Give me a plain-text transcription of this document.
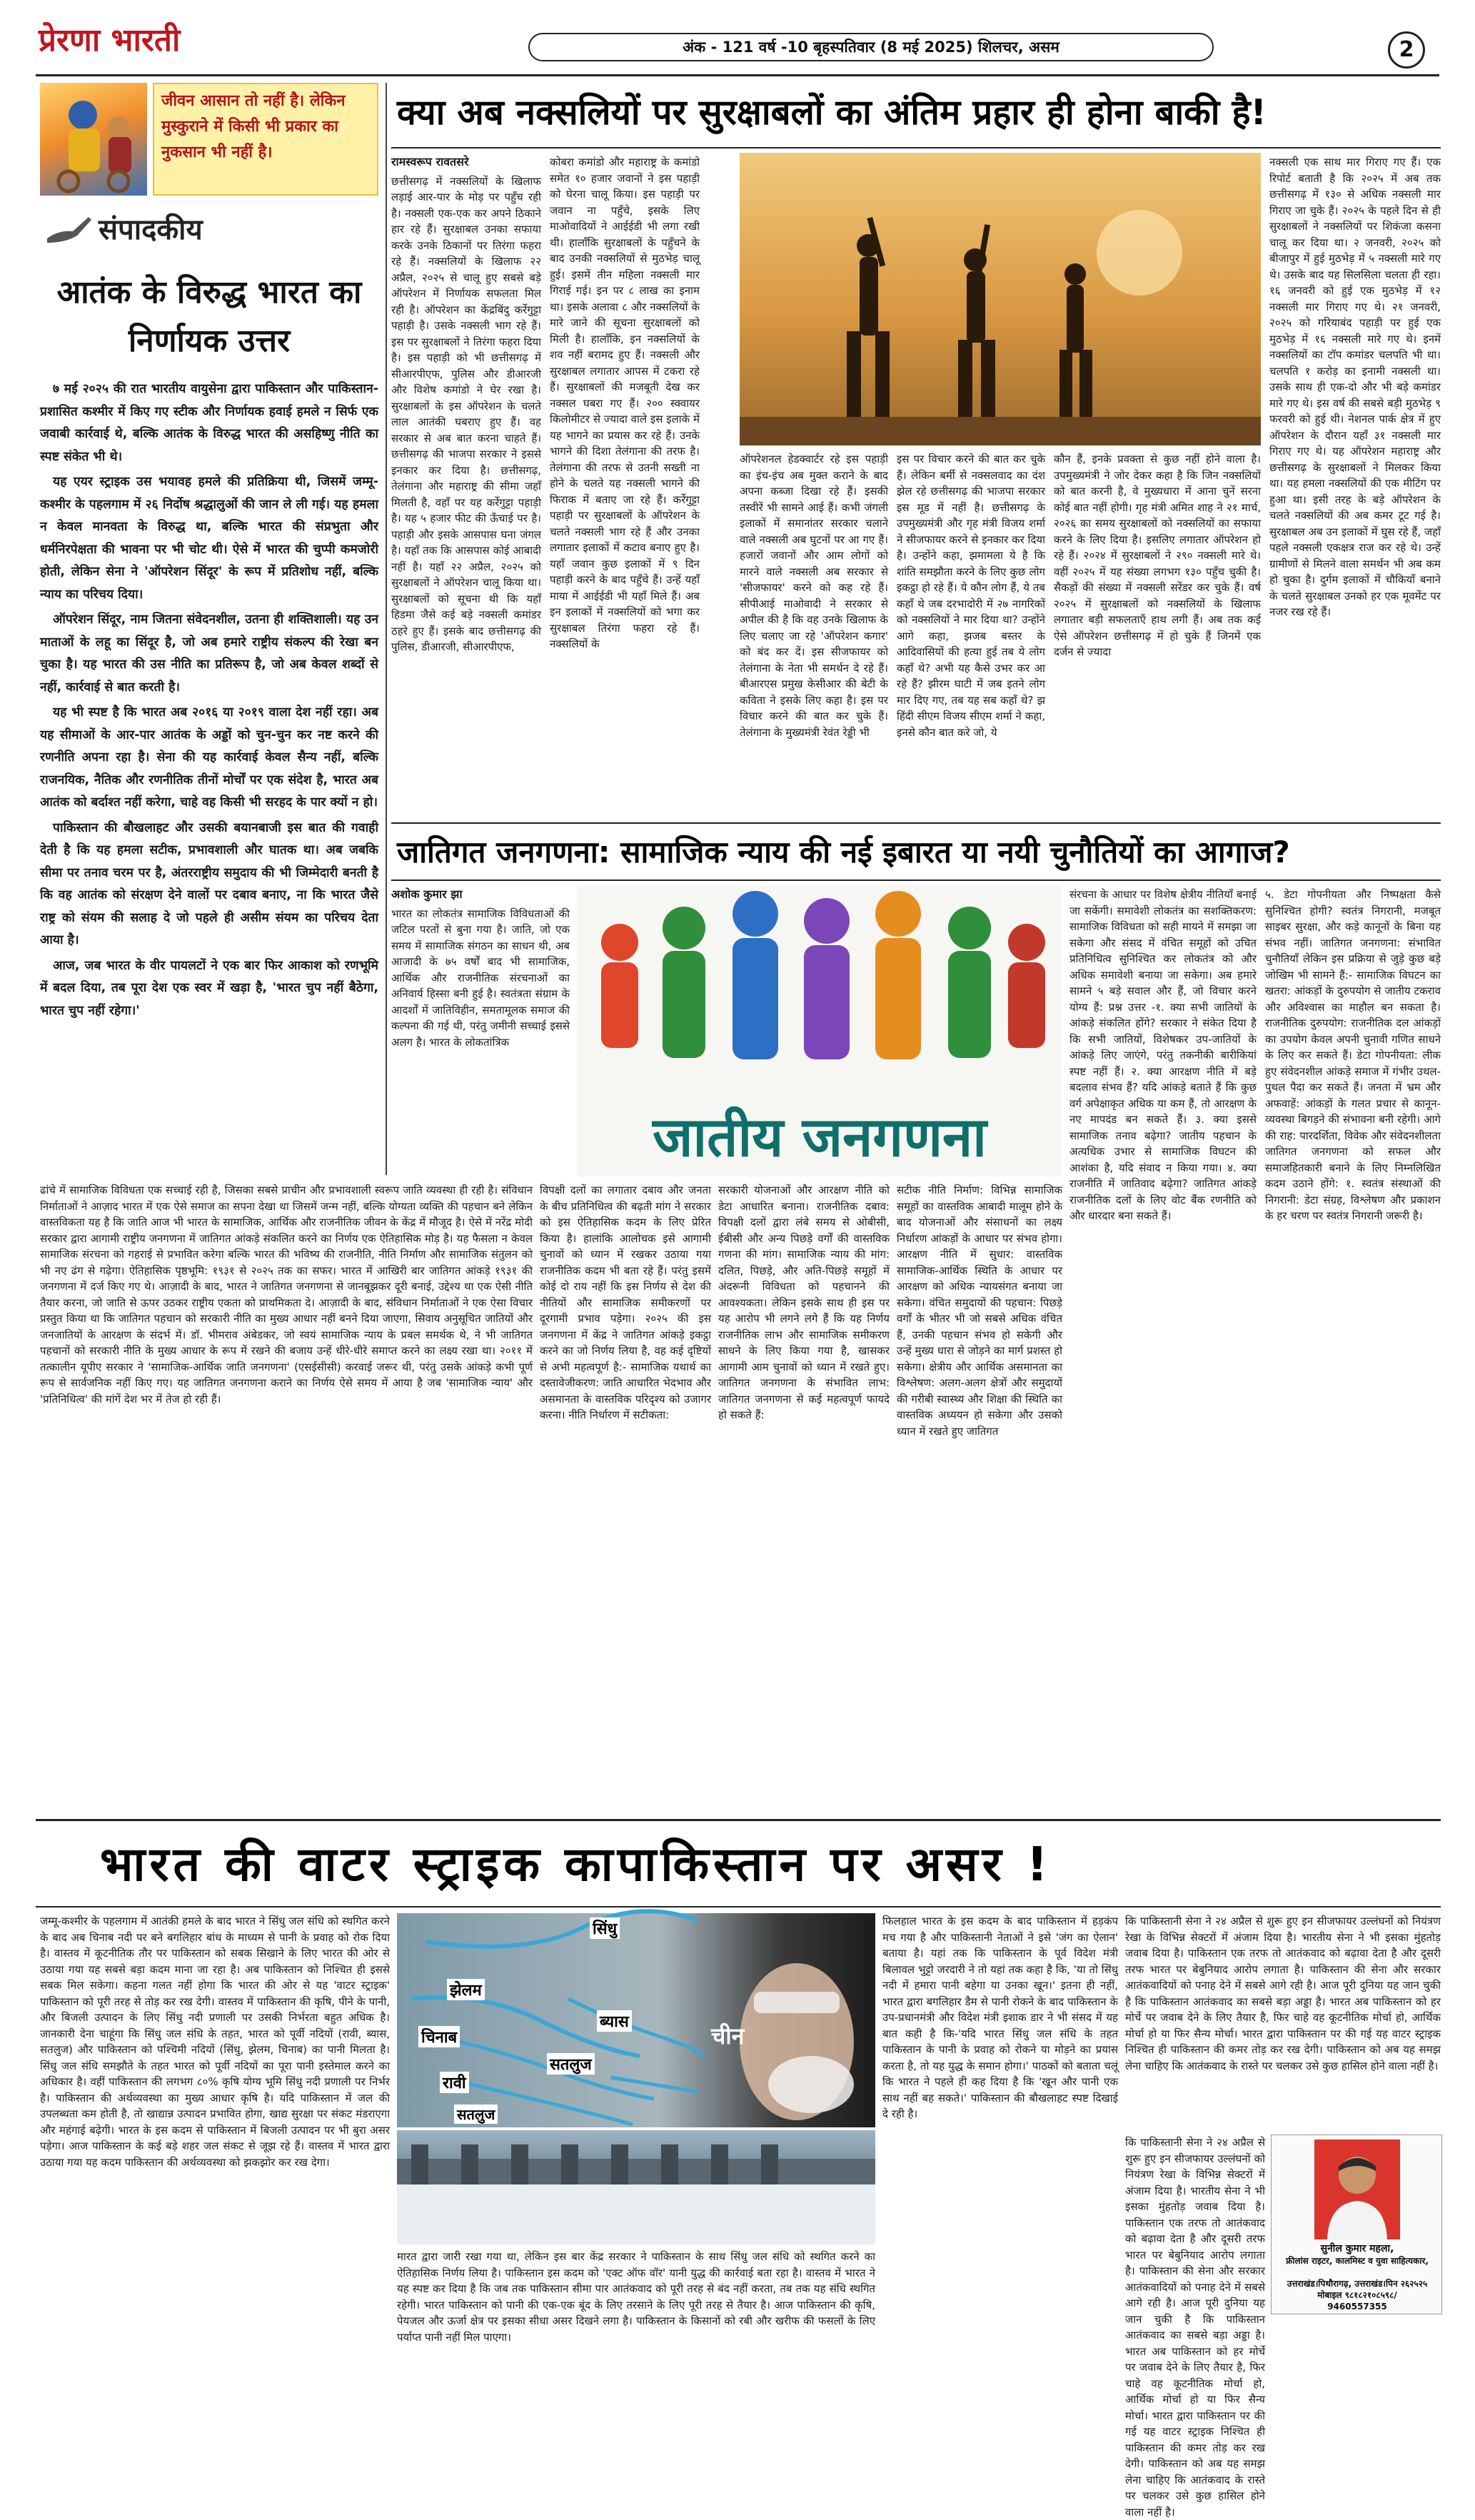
प्रेरणा भारती	अंक - 121 वर्ष -10 बृहस्पतिवार (8 मई 2025) शिलचर, असम	2
जीवन आसान तो नहीं है। लेकिन मुस्कुराने में किसी भी प्रकार का नुकसान भी नहीं है।
संपादकीय
आतंक के विरुद्ध भारत का निर्णायक उत्तर

७ मई २०२५ की रात भारतीय वायुसेना द्वारा पाकिस्तान और पाकिस्तान-प्रशासित कश्मीर में किए गए स्टीक और निर्णायक हवाई हमले न सिर्फ एक जवाबी कार्रवाई थे, बल्कि आतंक के विरुद्ध भारत की असहिष्णु नीति का स्पष्ट संकेत भी थे।

यह एयर स्ट्राइक उस भयावह हमले की प्रतिक्रिया थी, जिसमें जम्मू-कश्मीर के पहलगाम में २६ निर्दोष श्रद्धालुओं की जान ले ली गई। यह हमला न केवल मानवता के विरुद्ध था, बल्कि भारत की संप्रभुता और धर्मनिरपेक्षता की भावना पर भी चोट थी। ऐसे में भारत की चुप्पी कमजोरी होती, लेकिन सेना ने 'ऑपरेशन सिंदूर' के रूप में प्रतिशोध नहीं, बल्कि न्याय का परिचय दिया।

ऑपरेशन सिंदूर, नाम जितना संवेदनशील, उतना ही शक्तिशाली। यह उन माताओं के लहू का सिंदूर है, जो अब हमारे राष्ट्रीय संकल्प की रेखा बन चुका है। यह भारत की उस नीति का प्रतिरूप है, जो अब केवल शब्दों से नहीं, कार्रवाई से बात करती है।

यह भी स्पष्ट है कि भारत अब २०१६ या २०१९ वाला देश नहीं रहा। अब यह सीमाओं के आर-पार आतंक के अड्डों को चुन-चुन कर नष्ट करने की रणनीति अपना रहा है। सेना की यह कार्रवाई केवल सैन्य नहीं, बल्कि राजनयिक, नैतिक और रणनीतिक तीनों मोर्चों पर एक संदेश है, भारत अब आतंक को बर्दाश्त नहीं करेगा, चाहे वह किसी भी सरहद के पार क्यों न हो।

पाकिस्तान की बौखलाहट और उसकी बयानबाजी इस बात की गवाही देती है कि यह हमला सटीक, प्रभावशाली और घातक था। अब जबकि सीमा पर तनाव चरम पर है, अंतरराष्ट्रीय समुदाय की भी जिम्मेदारी बनती है कि वह आतंक को संरक्षण देने वालों पर दबाव बनाए, ना कि भारत जैसे राष्ट्र को संयम की सलाह दे जो पहले ही असीम संयम का परिचय देता आया है।

आज, जब भारत के वीर पायलटों ने एक बार फिर आकाश को रणभूमि में बदल दिया, तब पूरा देश एक स्वर में खड़ा है, 'भारत चुप नहीं बैठेगा, भारत चुप नहीं रहेगा।'

क्या अब नक्सलियों पर सुरक्षाबलों का अंतिम प्रहार ही होना बाकी है!
रामस्वरूप रावतसरे
छत्तीसगढ़ में नक्सलियों के खिलाफ लड़ाई आर-पार के मोड़ पर पहुँच रही है। नक्सली एक-एक कर अपने ठिकाने हार रहे हैं। सुरक्षाबल उनका सफाया करके उनके ठिकानों पर तिरंगा फहरा रहे हैं। नक्सलियों के खिलाफ २२ अप्रैल, २०२५ से चालू हुए सबसे बड़े ऑपरेशन में निर्णायक सफलता मिल रही है। ऑपरेशन का केंद्रबिंदु कर्रेगुट्टा पहाड़ी है। उसके नक्सली भाग रहे हैं। इस पर सुरक्षाबलों ने तिरंगा फहरा दिया है। इस पहाड़ी को भी छत्तीसगढ़ में सीआरपीएफ, पुलिस और डीआरजी और विशेष कमांडो ने घेर रखा है। सुरक्षाबलों के इस ऑपरेशन के चलते लाल आतंकी घबराए हुए हैं। वह सरकार से अब बात करना चाहते हैं। छत्तीसगढ़ की भाजपा सरकार ने इससे इनकार कर दिया है। छत्तीसगढ़, तेलंगाना और महाराष्ट्र की सीमा जहाँ मिलती है, वहाँ पर यह कर्रेगुट्टा पहाड़ी है। यह ५ हजार फीट की ऊँचाई पर है। पहाड़ी और इसके आसपास घना जंगल है। यहाँ तक कि आसपास कोई आबादी नहीं है। यहाँ २२ अप्रैल, २०२५ को सुरक्षाबलों ने ऑपरेशन चालू किया था। सुरक्षाबलों को सूचना थी कि यहाँ हिडमा जैसे कई बड़े नक्सली कमांडर ठहरे हुए हैं। इसके बाद छत्तीसगढ़ की पुलिस, डीआरजी, सीआरपीएफ,
कोबरा कमांडो और महाराष्ट्र के कमांडो समेत १० हजार जवानों ने इस पहाड़ी को घेरना चालू किया। इस पहाड़ी पर जवान ना पहुँचे, इसके लिए माओवादियों ने आईईडी भी लगा रखी थी। हालाँकि सुरक्षाबलों के पहुँचने के बाद उनकी नक्सलियों से मुठभेड़ चालू हुई। इसमें तीन महिला नक्सली मार गिराई गई। इन पर ८ लाख का इनाम था। इसके अलावा ८ और नक्सलियों के मारे जाने की सूचना सुरक्षाबलों को मिली है। हालाँकि, इन नक्सलियों के शव नहीं बरामद हुए हैं। नक्सली और सुरक्षाबल लगातार आपस में टकरा रहे हैं। सुरक्षाबलों की मजबूती देख कर नक्सल घबरा गए हैं। २०० स्क्वायर किलोमीटर से ज्यादा वाले इस इलाके में यह भागने का प्रयास कर रहे हैं। उनके भागने की दिशा तेलंगाना की तरफ है। तेलंगाना की तरफ से उतनी सख्ती ना होने के चलते यह नक्सली भागने की फिराक में बताए जा रहे हैं। कर्रेगुट्टा पहाड़ी पर सुरक्षाबलों के ऑपरेशन के चलते नक्सली भाग रहे हैं और उनका लगातार इलाकों में कटाव बनाए हुए है। यहाँ जवान कुछ इलाकों में ९ दिन पहाड़ी करने के बाद पहुँचे हैं। उन्हें यहाँ माया में आईईडी भी यहाँ मिले हैं। अब इन इलाकों में नक्सलियों को भगा कर सुरक्षाबल तिरंगा फहरा रहे हैं। नक्सलियों के
ऑपरेशनल हेडक्वार्टर रहे इस पहाड़ी का इंच-इंच अब मुक्त कराने के बाद अपना कब्जा दिखा रहे हैं। इसकी तस्वीरें भी सामने आई हैं। कभी जंगली इलाकों में समानांतर सरकार चलाने वाले नक्सली अब घुटनों पर आ गए हैं। हजारों जवानों और आम लोगों को मारने वाले नक्सली अब सरकार से 'सीजफायर' करने को कह रहे हैं। सीपीआई माओवादी ने सरकार से अपील की है कि वह उनके खिलाफ के लिए चलाए जा रहे 'ऑपरेशन कगार' को बंद कर दें। इस सीजफायर को तेलंगाना के नेता भी समर्थन दे रहे हैं। बीआरएस प्रमुख केसीआर की बेटी के कविता ने इसके लिए कहा है। इस पर विचार करने की बात कर चुके हैं। तेलंगाना के मुख्यमंत्री रेवंत रेड्डी भी
इस पर विचार करने की बात कर चुके हैं। लेकिन बर्मी से नक्सलवाद का दंश झेल रहे छत्तीसगढ़ की भाजपा सरकार इस मूड में नहीं है। छत्तीसगढ़ के उपमुख्यमंत्री और गृह मंत्री विजय शर्मा ने सीजफायर करने से इनकार कर दिया है। उन्होंने कहा, झमामला ये है कि शांति समझौता करने के लिए कुछ लोग इकट्ठा हो रहे हैं। ये कौन लोग हैं, ये तब कहाँ थे जब दरभादोरी में २७ नागरिकों को नक्सलियों ने मार दिया था? उन्होंने आगे कहा, झजब बस्तर के आदिवासियों की हत्या हुई तब ये लोग कहाँ थे? अभी यह कैसे उभर कर आ रहे हैं? झीरम घाटी में जब इतने लोग मार दिए गए, तब यह सब कहाँ थे? झ हिंदी सीएम विजय सीएम शर्मा ने कहा, इनसे कौन बात करे जो, ये
कौन हैं, इनके प्रवक्ता से कुछ नहीं होने वाला है। उपमुख्यमंत्री ने जोर देकर कहा है कि जिन नक्सलियों को बात करनी है, वे मुख्यधारा में आना चुनें सरना कोई बात नहीं होगी। गृह मंत्री अमित शाह ने २१ मार्च, २०२६ का समय सुरक्षाबलों को नक्सलियों का सफाया करने के लिए दिया है। इसलिए लगातार ऑपरेशन हो रहे हैं। २०२४ में सुरक्षाबलों ने २९० नक्सली मारे थे। वहीं २०२५ में यह संख्या लगभग १३० पहुँच चुकी है। सैकड़ों की संख्या में नक्सली सरेंडर कर चुके हैं। वर्ष २०२५ में सुरक्षाबलों को नक्सलियों के खिलाफ लगातार बड़ी सफलताएँ हाथ लगी हैं। अब तक कई ऐसे ऑपरेशन छत्तीसगढ़ में हो चुके हैं जिनमें एक दर्जन से ज्यादा
नक्सली एक साथ मार गिराए गए हैं। एक रिपोर्ट बताती है कि २०२५ में अब तक छत्तीसगढ़ में १३० से अधिक नक्सली मार गिराए जा चुके हैं। २०२५ के पहले दिन से ही सुरक्षाबलों ने नक्सलियों पर शिकंजा कसना चालू कर दिया था। २ जनवरी, २०२५ को बीजापुर में हुई मुठभेड़ में ५ नक्सली मारे गए थे। उसके बाद यह सिलसिला चलता ही रहा। १६ जनवरी को हुई एक मुठभेड़ में १२ नक्सली मार गिराए गए थे। २१ जनवरी, २०२५ को गरियाबंद पहाड़ी पर हुई एक मुठभेड़ में १६ नक्सली मारे गए थे। इनमें नक्सलियों का टॉप कमांडर चलपति भी था। चलपति १ करोड़ का इनामी नक्सली था। उसके साथ ही एक-दो और भी बड़े कमांडर मारे गए थे। इस वर्ष की सबसे बड़ी मुठभेड़ ९ फरवरी को हुई थी। नेशनल पार्क क्षेत्र में हुए ऑपरेशन के दौरान यहाँ ३१ नक्सली मार गिराए गए थे। यह ऑपरेशन महाराष्ट्र और छत्तीसगढ़ के सुरक्षाबलों ने मिलकर किया था। यह हमला नक्सलियों की एक मीटिंग पर हुआ था। इसी तरह के बड़े ऑपरेशन के चलते नक्सलियों की अब कमर टूट गई है। सुरक्षाबल अब उन इलाकों में घुस रहे हैं, जहाँ पहले नक्सली एकक्षत्र राज कर रहे थे। उन्हें ग्रामीणों से मिलने वाला समर्थन भी अब कम हो चुका है। दुर्गम इलाकों में चौकियाँ बनाने के चलते सुरक्षाबल उनको हर एक मूवमेंट पर नजर रख रहे हैं।
जातिगत जनगणना: सामाजिक न्याय की नई इबारत या नयी चुनौतियों का आगाज?
अशोक कुमार झा
भारत का लोकतंत्र सामाजिक विविधताओं की जटिल परतों से बुना गया है। जाति, जो एक समय में सामाजिक संगठन का साधन थी, अब आजादी के ७५ वर्षों बाद भी सामाजिक, आर्थिक और राजनीतिक संरचनाओं का अनिवार्य हिस्सा बनी हुई है। स्वतंत्रता संग्राम के आदर्शों में जातिविहीन, समतामूलक समाज की कल्पना की गई थी, परंतु जमीनी सच्चाई इससे अलग है। भारत के लोकतांत्रिक
जातीय जनगणना
संरचना के आधार पर विशेष क्षेत्रीय नीतियाँ बनाई जा सकेंगी। समावेशी लोकतंत्र का सशक्तिकरण: सामाजिक विविधता को सही मायने में समझा जा सकेगा और संसद में वंचित समूहों को उचित प्रतिनिधित्व सुनिश्चित कर लोकतंत्र को और अधिक समावेशी बनाया जा सकेगा। अब हमारे सामने ५ बड़े सवाल और हैं, जो विचार करने योग्य हैं: प्रश्न उत्तर -१. क्या सभी जातियों के आंकड़े संकलित होंगे? सरकार ने संकेत दिया है कि सभी जातियों, विशेषकर उप-जातियों के आंकड़े लिए जाएंगे, परंतु तकनीकी बारीकियां स्पष्ट नहीं हैं। २. क्या आरक्षण नीति में बड़े बदलाव संभव हैं? यदि आंकड़े बताते हैं कि कुछ वर्ग अपेक्षाकृत अधिक या कम हैं, तो आरक्षण के नए मापदंड बन सकते हैं। ३. क्या इससे सामाजिक तनाव बढ़ेगा? जातीय पहचान के अत्यधिक उभार से सामाजिक विघटन की आशंका है, यदि संवाद न किया गया। ४. क्या राजनीति में जातिवाद बढ़ेगा? जातिगत आंकड़े राजनीतिक दलों के लिए वोट बैंक रणनीति को और धारदार बना सकते हैं।
५. डेटा गोपनीयता और निष्पक्षता कैसे सुनिश्चित होगी? स्वतंत्र निगरानी, मजबूत साइबर सुरक्षा, और कड़े कानूनों के बिना यह संभव नहीं। जातिगत जनगणना: संभावित चुनौतियाँ लेकिन इस प्रक्रिया से जुड़े कुछ बड़े जोखिम भी सामने हैं:- सामाजिक विघटन का खतरा: आंकड़ों के दुरुपयोग से जातीय टकराव और अविश्वास का माहौल बन सकता है। राजनीतिक दुरुपयोग: राजनीतिक दल आंकड़ों का उपयोग केवल अपनी चुनावी गणित साधने के लिए कर सकते हैं। डेटा गोपनीयता: लीक हुए संवेदनशील आंकड़े समाज में गंभीर उथल-पुथल पैदा कर सकते हैं। जनता में भ्रम और अफवाहें: आंकड़ों के गलत प्रचार से कानून-व्यवस्था बिगड़ने की संभावना बनी रहेगी। आगे की राह: पारदर्शिता, विवेक और संवेदनशीलता जातिगत जनगणना को सफल और समाजहितकारी बनाने के लिए निम्नलिखित कदम उठाने होंगे: १. स्वतंत्र संस्थाओं की निगरानी: डेटा संग्रह, विश्लेषण और प्रकाशन के हर चरण पर स्वतंत्र निगरानी जरूरी है।
ढांचे में सामाजिक विविधता एक सच्चाई रही है, जिसका सबसे प्राचीन और प्रभावशाली स्वरूप जाति व्यवस्था ही रही है। संविधान निर्माताओं ने आज़ाद भारत में एक ऐसे समाज का सपना देखा था जिसमें जन्म नहीं, बल्कि योग्यता व्यक्ति की पहचान बने लेकिन वास्तविकता यह है कि जाति आज भी भारत के सामाजिक, आर्थिक और राजनीतिक जीवन के केंद्र में मौजूद है। ऐसे में नरेंद्र मोदी सरकार द्वारा आगामी राष्ट्रीय जनगणना में जातिगत आंकड़े संकलित करने का निर्णय एक ऐतिहासिक मोड़ है। यह फैसला न केवल सामाजिक संरचना को गहराई से प्रभावित करेगा बल्कि भारत की भविष्य की राजनीति, नीति निर्माण और सामाजिक संतुलन को भी नए ढंग से गढ़ेगा। ऐतिहासिक पृष्ठभूमि: १९३१ से २०२५ तक का सफर। भारत में आखिरी बार जातिगत आंकड़े १९३१ की जनगणना में दर्ज किए गए थे। आज़ादी के बाद, भारत ने जातिगत जनगणना से जानबूझकर दूरी बनाई, उद्देश्य था एक ऐसी नीति तैयार करना, जो जाति से ऊपर उठकर राष्ट्रीय एकता को प्राथमिकता दे। आज़ादी के बाद, संविधान निर्माताओं ने एक ऐसा विचार प्रस्तुत किया था कि जातिगत पहचान को सरकारी नीति का मुख्य आधार नहीं बनने दिया जाएगा, सिवाय अनुसूचित जातियों और जनजातियों के आरक्षण के संदर्भ में। डॉ. भीमराव अंबेडकर, जो स्वयं सामाजिक न्याय के प्रबल समर्थक थे, ने भी जातिगत पहचानों को सरकारी नीति के मुख्य आधार के रूप में रखने की बजाय उन्हें धीरे-धीरे समाप्त करने का लक्ष्य रखा था। २०११ में तत्कालीन यूपीए सरकार ने 'सामाजिक-आर्थिक जाति जनगणना' (एसईसीसी) करवाई जरूर थी, परंतु उसके आंकड़े कभी पूर्ण रूप से सार्वजनिक नहीं किए गए। यह जातिगत जनगणना कराने का निर्णय ऐसे समय में आया है जब 'सामाजिक न्याय' और 'प्रतिनिधित्व' की मांगें देश भर में तेज हो रही हैं।
विपक्षी दलों का लगातार दबाव और जनता के बीच प्रतिनिधित्व की बढ़ती मांग ने सरकार को इस ऐतिहासिक कदम के लिए प्रेरित किया है। हालांकि आलोचक इसे आगामी चुनावों को ध्यान में रखकर उठाया गया राजनीतिक कदम भी बता रहे हैं। परंतु इसमें कोई दो राय नहीं कि इस निर्णय से देश की नीतियों और सामाजिक समीकरणों पर दूरगामी प्रभाव पड़ेगा। २०२५ की इस जनगणना में केंद्र ने जातिगत आंकड़े इकट्ठा करने का जो निर्णय लिया है, वह कई दृष्टियों से अभी महत्वपूर्ण है:- सामाजिक यथार्थ का दस्तावेजीकरण: जाति आधारित भेदभाव और असमानता के वास्तविक परिदृश्य को उजागर करना। नीति निर्धारण में सटीकता:
सरकारी योजनाओं और आरक्षण नीति को डेटा आधारित बनाना। राजनीतिक दबाव: विपक्षी दलों द्वारा लंबे समय से ओबीसी, ईबीसी और अन्य पिछड़े वर्गों की वास्तविक गणना की मांग। सामाजिक न्याय की मांग: दलित, पिछड़े, और अति-पिछड़े समूहों में अंदरूनी विविधता को पहचानने की आवश्यकता। लेकिन इसके साथ ही इस पर यह आरोप भी लगने लगे हैं कि यह निर्णय राजनीतिक लाभ और सामाजिक समीकरण साधने के लिए किया गया है, खासकर आगामी आम चुनावों को ध्यान में रखते हुए। जातिगत जनगणना के संभावित लाभ: जातिगत जनगणना से कई महत्वपूर्ण फायदे हो सकते हैं:
सटीक नीति निर्माण: विभिन्न सामाजिक समूहों का वास्तविक आबादी मालूम होने के बाद योजनाओं और संसाधनों का लक्ष्य निर्धारण आंकड़ों के आधार पर संभव होगा। आरक्षण नीति में सुधार: वास्तविक सामाजिक-आर्थिक स्थिति के आधार पर आरक्षण को अधिक न्यायसंगत बनाया जा सकेगा। वंचित समुदायों की पहचान: पिछड़े वर्गों के भीतर भी जो सबसे अधिक वंचित हैं, उनकी पहचान संभव हो सकेगी और उन्हें मुख्य धारा से जोड़ने का मार्ग प्रशस्त हो सकेगा। क्षेत्रीय और आर्थिक असमानता का विश्लेषण: अलग-अलग क्षेत्रों और समुदायों की गरीबी स्वास्थ्य और शिक्षा की स्थिति का वास्तविक अध्ययन हो सकेगा और उसको ध्यान में रखते हुए जातिगत
भारत की वाटर स्ट्राइक कापाकिस्तान पर असर !
जम्मू-कश्मीर के पहलगाम में आतंकी हमले के बाद भारत ने सिंधु जल संधि को स्थगित करने के बाद अब चिनाब नदी पर बने बगलिहार बांध के माध्यम से पानी के प्रवाह को रोक दिया है। वास्तव में कूटनीतिक तौर पर पाकिस्तान को सबक सिखाने के लिए भारत की ओर से उठाया गया यह सबसे बड़ा कदम माना जा रहा है। अब पाकिस्तान को निश्चित ही इससे सबक मिल सकेगा। कहना गलत नहीं होगा कि भारत की ओर से यह 'वाटर स्ट्राइक' पाकिस्तान को पूरी तरह से तोड़ कर रख देगी। वास्तव में पाकिस्तान की कृषि, पीने के पानी, और बिजली उत्पादन के लिए सिंधु नदी प्रणाली पर उसकी निर्भरता बहुत अधिक है। जानकारी देना चाहूंगा कि सिंधु जल संधि के तहत, भारत को पूर्वी नदियों (रावी, ब्यास, सतलुज) और पाकिस्तान को पश्चिमी नदियों (सिंधु, झेलम, चिनाब) का पानी मिलता है। सिंधु जल संधि समझौते के तहत भारत को पूर्वी नदियों का पूरा पानी इस्तेमाल करने का अधिकार है। वहीं पाकिस्तान की लगभग ८०% कृषि योग्य भूमि सिंधु नदी प्रणाली पर निर्भर है। पाकिस्तान की अर्थव्यवस्था का मुख्य आधार कृषि है। यदि पाकिस्तान में जल की उपलब्धता कम होती है, तो खाद्यान्न उत्पादन प्रभावित होगा, खाद्य सुरक्षा पर संकट मंडराएगा और महंगाई बढ़ेगी। भारत के इस कदम से पाकिस्तान में बिजली उत्पादन पर भी बुरा असर पड़ेगा। आज पाकिस्तान के कई बड़े शहर जल संकट से जूझ रहे हैं। वास्तव में भारत द्वारा उठाया गया यह कदम पाकिस्तान की अर्थव्यवस्था को झकझोर कर रख देगा।
सिंधु
झेलम
चिनाब
रावी
ब्यास
सतलुज
सतलुज
चीन
मारत द्वारा जारी रखा गया था, लेकिन इस बार केंद्र सरकार ने पाकिस्तान के साथ सिंधु जल संधि को स्थगित करने का ऐतिहासिक निर्णय लिया है। पाकिस्तान इस कदम को 'एक्ट ऑफ वॉर' यानी युद्ध की कार्रवाई बता रहा है। वास्तव में भारत ने यह स्पष्ट कर दिया है कि जब तक पाकिस्तान सीमा पार आतंकवाद को पूरी तरह से बंद नहीं करता, तब तक यह संधि स्थगित रहेगी। भारत पाकिस्तान को पानी की एक-एक बूंद के लिए तरसाने के लिए पूरी तरह से तैयार है। आज पाकिस्तान की कृषि, पेयजल और ऊर्जा क्षेत्र पर इसका सीधा असर दिखने लगा है। पाकिस्तान के किसानों को रबी और खरीफ की फसलों के लिए पर्याप्त पानी नहीं मिल पाएगा।
फिलहाल भारत के इस कदम के बाद पाकिस्तान में हड़कंप मच गया है और पाकिस्तानी नेताओं ने इसे 'जंग का ऐलान' बताया है। यहां तक कि पाकिस्तान के पूर्व विदेश मंत्री बिलावल भुट्टो जरदारी ने तो यहां तक कहा है कि, 'या तो सिंधु नदी में हमारा पानी बहेगा या उनका खून।' इतना ही नहीं, भारत द्वारा बगलिहार डैम से पानी रोकने के बाद पाकिस्तान के उप-प्रधानमंत्री और विदेश मंत्री इशाक डार ने भी संसद में यह बात कही है कि-'यदि भारत सिंधु जल संधि के तहत पाकिस्तान के पानी के प्रवाह को रोकने या मोड़ने का प्रयास करता है, तो यह युद्ध के समान होगा।' पाठकों को बताता चलूं कि भारत ने पहले ही कह दिया है कि 'खून और पानी एक साथ नहीं बह सकते।' पाकिस्तान की बौखलाहट स्पष्ट दिखाई दे रही है।
कि पाकिस्तानी सेना ने २४ अप्रैल से शुरू हुए इन सीजफायर उल्लंघनों को नियंत्रण रेखा के विभिन्न सेक्टरों में अंजाम दिया है। भारतीय सेना ने भी इसका मुंहतोड़ जवाब दिया है। पाकिस्तान एक तरफ तो आतंकवाद को बढ़ावा देता है और दूसरी तरफ भारत पर बेबुनियाद आरोप लगाता है। पाकिस्तान की सेना और सरकार आतंकवादियों को पनाह देने में सबसे आगे रही है। आज पूरी दुनिया यह जान चुकी है कि पाकिस्तान आतंकवाद का सबसे बड़ा अड्डा है। भारत अब पाकिस्तान को हर मोर्चे पर जवाब देने के लिए तैयार है, फिर चाहे वह कूटनीतिक मोर्चा हो, आर्थिक मोर्चा हो या फिर सैन्य मोर्चा। भारत द्वारा पाकिस्तान पर की गई यह वाटर स्ट्राइक निश्चित ही पाकिस्तान की कमर तोड़ कर रख देगी। पाकिस्तान को अब यह समझ लेना चाहिए कि आतंकवाद के रास्ते पर चलकर उसे कुछ हासिल होने वाला नहीं है।
सुनील कुमार महला,
फ्रीलांस राइटर, कालमिस्ट व युवा साहित्यकार,
उत्तराखंड।पिथौरागढ़, उत्तराखंड।पिन २६२५२५
मोबाइल ९८१८२१०८५९८/
9460557355
कि पाकिस्तानी सेना ने २४ अप्रैल से शुरू हुए इन सीजफायर उल्लंघनों को नियंत्रण रेखा के विभिन्न सेक्टरों में अंजाम दिया है। भारतीय सेना ने भी इसका मुंहतोड़ जवाब दिया है। पाकिस्तान एक तरफ तो आतंकवाद को बढ़ावा देता है और दूसरी तरफ भारत पर बेबुनियाद आरोप लगाता है। पाकिस्तान की सेना और सरकार आतंकवादियों को पनाह देने में सबसे आगे रही है। आज पूरी दुनिया यह जान चुकी है कि पाकिस्तान आतंकवाद का सबसे बड़ा अड्डा है। भारत अब पाकिस्तान को हर मोर्चे पर जवाब देने के लिए तैयार है, फिर चाहे वह कूटनीतिक मोर्चा हो, आर्थिक मोर्चा हो या फिर सैन्य मोर्चा। भारत द्वारा पाकिस्तान पर की गई यह वाटर स्ट्राइक निश्चित ही पाकिस्तान की कमर तोड़ कर रख देगी। पाकिस्तान को अब यह समझ लेना चाहिए कि आतंकवाद के रास्ते पर चलकर उसे कुछ हासिल होने वाला नहीं है।
